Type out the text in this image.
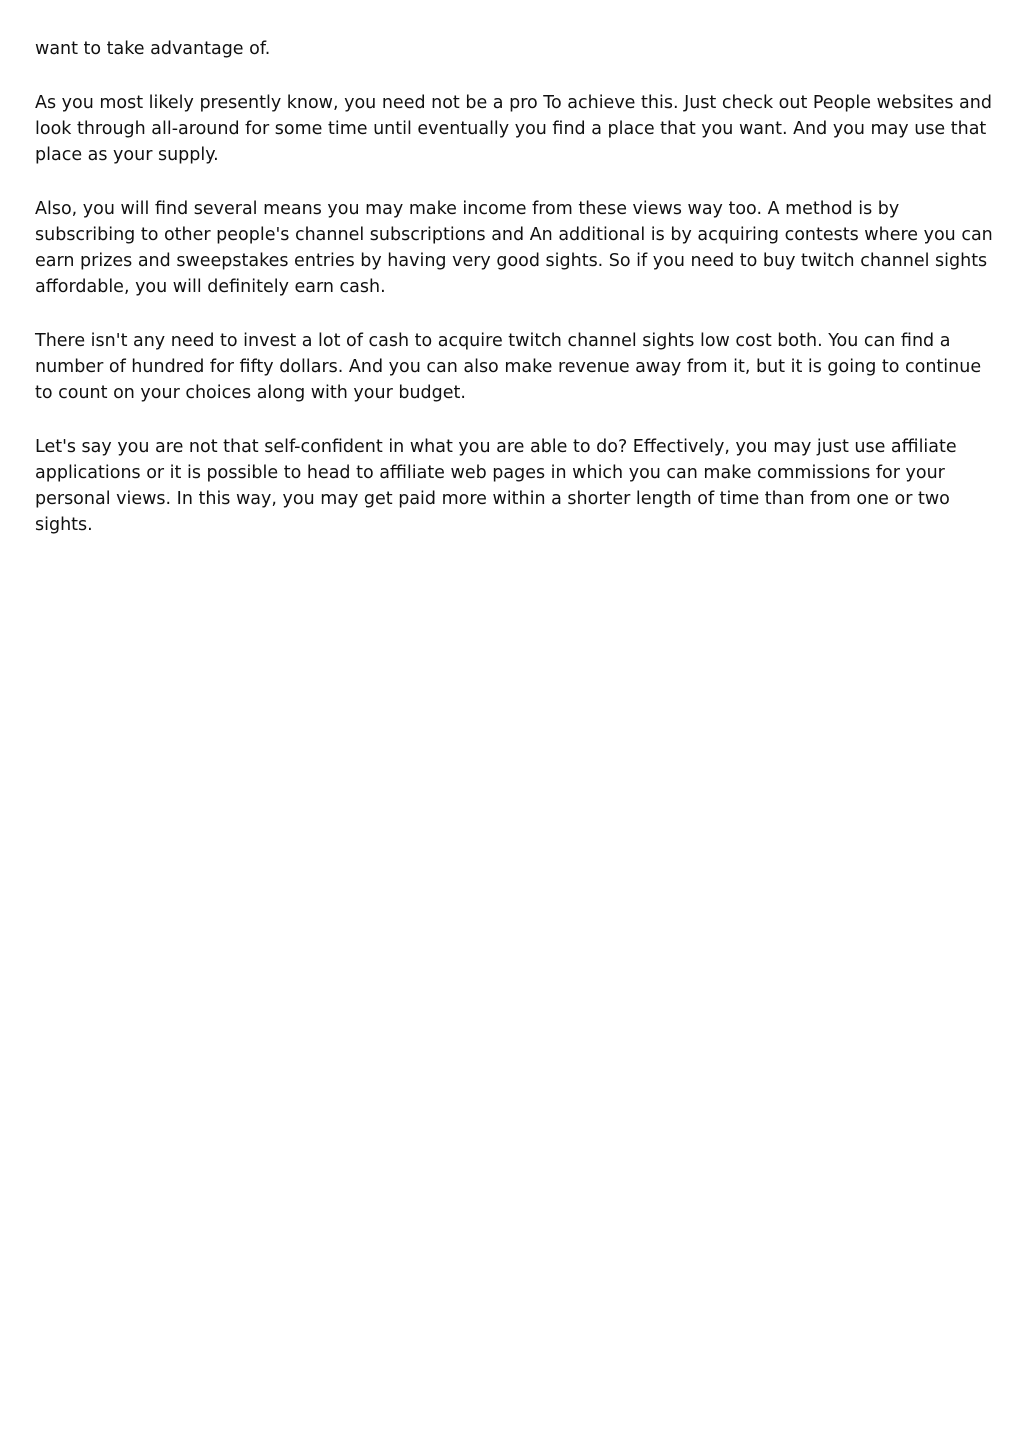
want to take advantage of.

As you most likely presently know, you need not be a pro To achieve this. Just check out People websites and look through all-around for some time until eventually you find a place that you want. And you may use that place as your supply.

Also, you will find several means you may make income from these views way too. A method is by subscribing to other people's channel subscriptions and An additional is by acquiring contests where you can earn prizes and sweepstakes entries by having very good sights. So if you need to buy twitch channel sights affordable, you will definitely earn cash.

There isn't any need to invest a lot of cash to acquire twitch channel sights low cost both. You can find a number of hundred for fifty dollars. And you can also make revenue away from it, but it is going to continue to count on your choices along with your budget.

Let's say you are not that self-confident in what you are able to do? Effectively, you may just use affiliate applications or it is possible to head to affiliate web pages in which you can make commissions for your personal views. In this way, you may get paid more within a shorter length of time than from one or two sights.
